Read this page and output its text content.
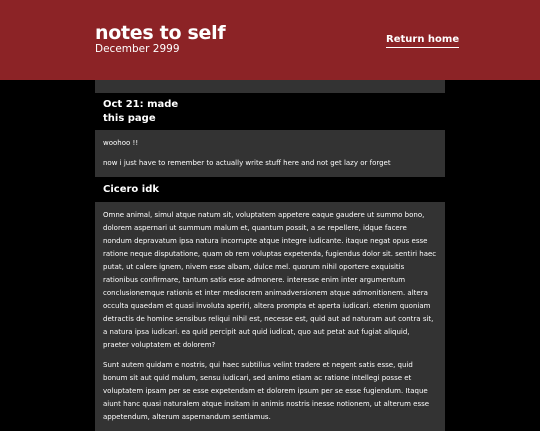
notes to self
December 2999
Return home
Oct 21: made
this page

woohoo !!

now i just have to remember to actually write stuff here and not get lazy or forget

Cicero idk

Omne animal, simul atque natum sit, voluptatem appetere eaque gaudere ut summo bono, dolorem aspernari ut summum malum et, quantum possit, a se repellere, idque facere nondum depravatum ipsa natura incorrupte atque integre iudicante. itaque negat opus esse ratione neque disputatione, quam ob rem voluptas expetenda, fugiendus dolor sit. sentiri haec putat, ut calere ignem, nivem esse albam, dulce mel. quorum nihil oportere exquisitis rationibus confirmare, tantum satis esse admonere. interesse enim inter argumentum conclusionemque rationis et inter mediocrem animadversionem atque admonitionem. altera occulta quaedam et quasi involuta aperiri, altera prompta et aperta iudicari. etenim quoniam detractis de homine sensibus reliqui nihil est, necesse est, quid aut ad naturam aut contra sit, a natura ipsa iudicari. ea quid percipit aut quid iudicat, quo aut petat aut fugiat aliquid, praeter voluptatem et dolorem?

Sunt autem quidam e nostris, qui haec subtilius velint tradere et negent satis esse, quid bonum sit aut quid malum, sensu iudicari, sed animo etiam ac ratione intellegi posse et voluptatem ipsam per se esse expetendam et dolorem ipsum per se esse fugiendum. Itaque aiunt hanc quasi naturalem atque insitam in animis nostris inesse notionem, ut alterum esse appetendum, alterum aspernandum sentiamus.
